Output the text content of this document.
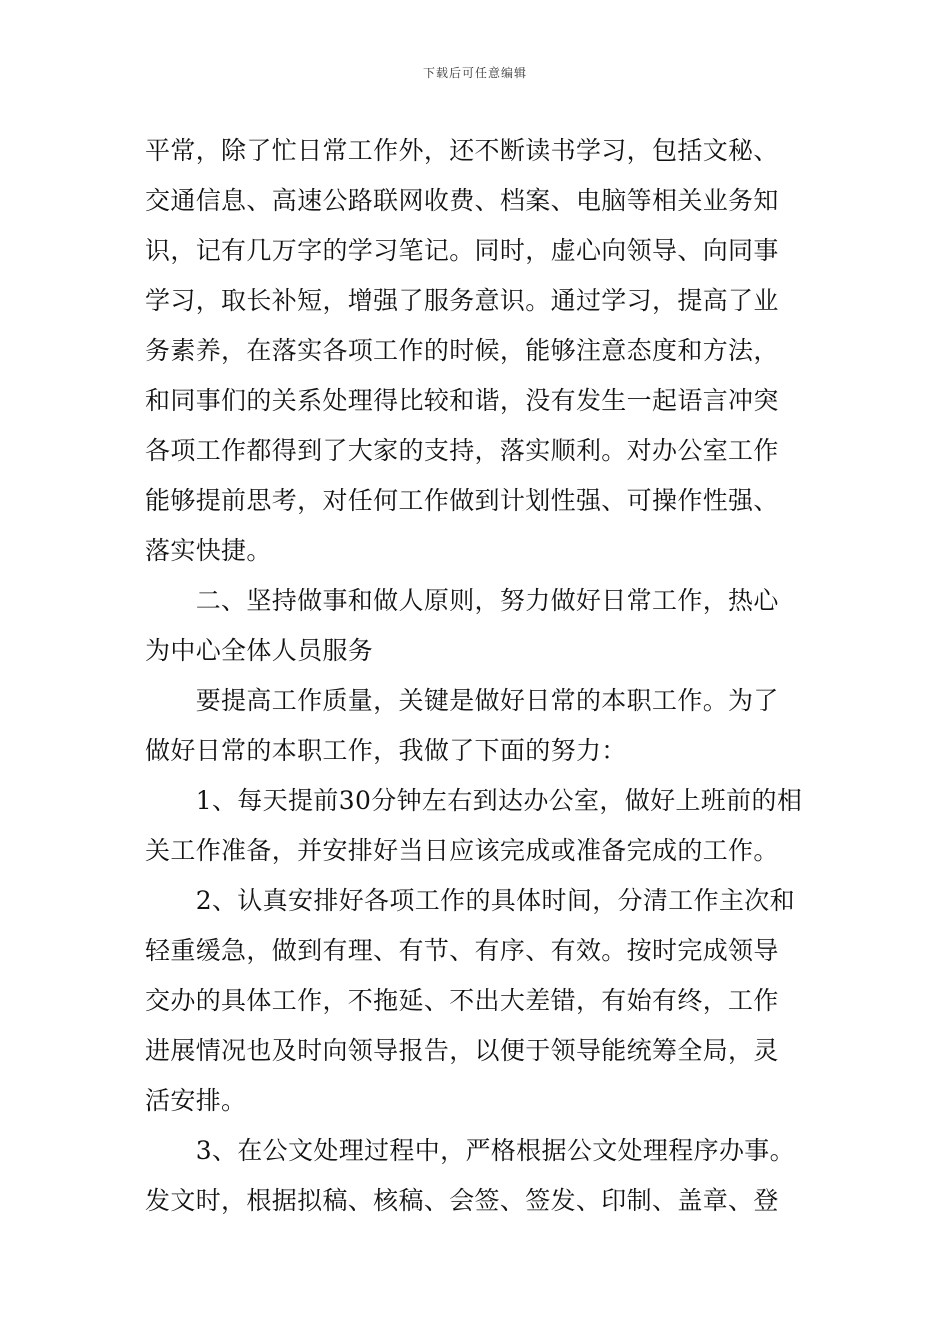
下载后可任意编辑
平常，除了忙日常工作外，还不断读书学习，包括文秘、
交通信息、高速公路联网收费、档案、电脑等相关业务知
识，记有几万字的学习笔记。同时，虚心向领导、向同事
学习，取长补短，增强了服务意识。通过学习，提高了业
务素养，在落实各项工作的时候，能够注意态度和方法，
和同事们的关系处理得比较和谐，没有发生一起语言冲突
各项工作都得到了大家的支持，落实顺利。对办公室工作
能够提前思考，对任何工作做到计划性强、可操作性强、
落实快捷。
　　二、坚持做事和做人原则，努力做好日常工作，热心
为中心全体人员服务
　　要提高工作质量，关键是做好日常的本职工作。为了
做好日常的本职工作，我做了下面的努力：
　　1、每天提前30分钟左右到达办公室，做好上班前的相
关工作准备，并安排好当日应该完成或准备完成的工作。
　　2、认真安排好各项工作的具体时间，分清工作主次和
轻重缓急，做到有理、有节、有序、有效。按时完成领导
交办的具体工作，不拖延、不出大差错，有始有终，工作
进展情况也及时向领导报告，以便于领导能统筹全局，灵
活安排。
　　3、在公文处理过程中，严格根据公文处理程序办事。
发文时，根据拟稿、核稿、会签、签发、印制、盖章、登
